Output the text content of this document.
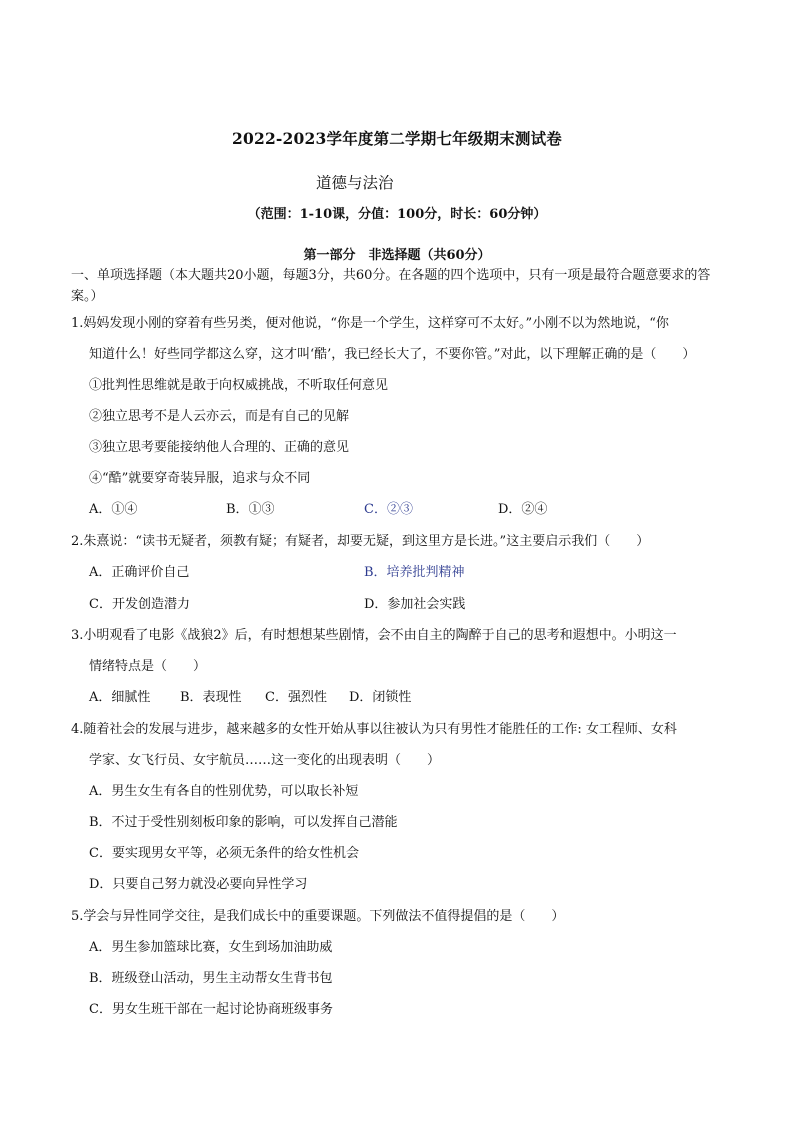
2022-2023学年度第二学期七年级期末测试卷
道德与法治
（范围：1-10课，分值：100分，时长：60分钟）
第一部分　非选择题（共60分）
一、单项选择题（本大题共20小题，每题3分，共60分。在各题的四个选项中，只有一项是最符合题意要求的答案。）
1.妈妈发现小刚的穿着有些另类，便对他说，“你是一个学生，这样穿可不太好。”小刚不以为然地说，“你
知道什么！好些同学都这么穿，这才叫‘酷’，我已经长大了，不要你管。”对此，以下理解正确的是（　　）
①批判性思维就是敢于向权威挑战，不听取任何意见
②独立思考不是人云亦云，而是有自己的见解
③独立思考要能接纳他人合理的、正确的意见
④“酷”就要穿奇装异服，追求与众不同
A．①④	B．①③	C．②③	D．②④
2.朱熹说：“读书无疑者，须教有疑；有疑者，却要无疑，到这里方是长进。”这主要启示我们（　　）
A．正确评价自己	B．培养批判精神
C．开发创造潜力	D．参加社会实践
3.小明观看了电影《战狼2》后，有时想想某些剧情，会不由自主的陶醉于自己的思考和遐想中。小明这一
情绪特点是（　　）
A．细腻性 B．表现性 C．强烈性 D．闭锁性
4.随着社会的发展与进步，越来越多的女性开始从事以往被认为只有男性才能胜任的工作: 女工程师、女科
学家、女飞行员、女宇航员……这一变化的出现表明（　　）
A．男生女生有各自的性别优势，可以取长补短
B．不过于受性别刻板印象的影响，可以发挥自己潜能
C．要实现男女平等，必须无条件的给女性机会
D．只要自己努力就没必要向异性学习
5.学会与异性同学交往，是我们成长中的重要课题。下列做法不值得提倡的是（　　）
A．男生参加篮球比赛，女生到场加油助威
B．班级登山活动，男生主动帮女生背书包
C．男女生班干部在一起讨论协商班级事务
